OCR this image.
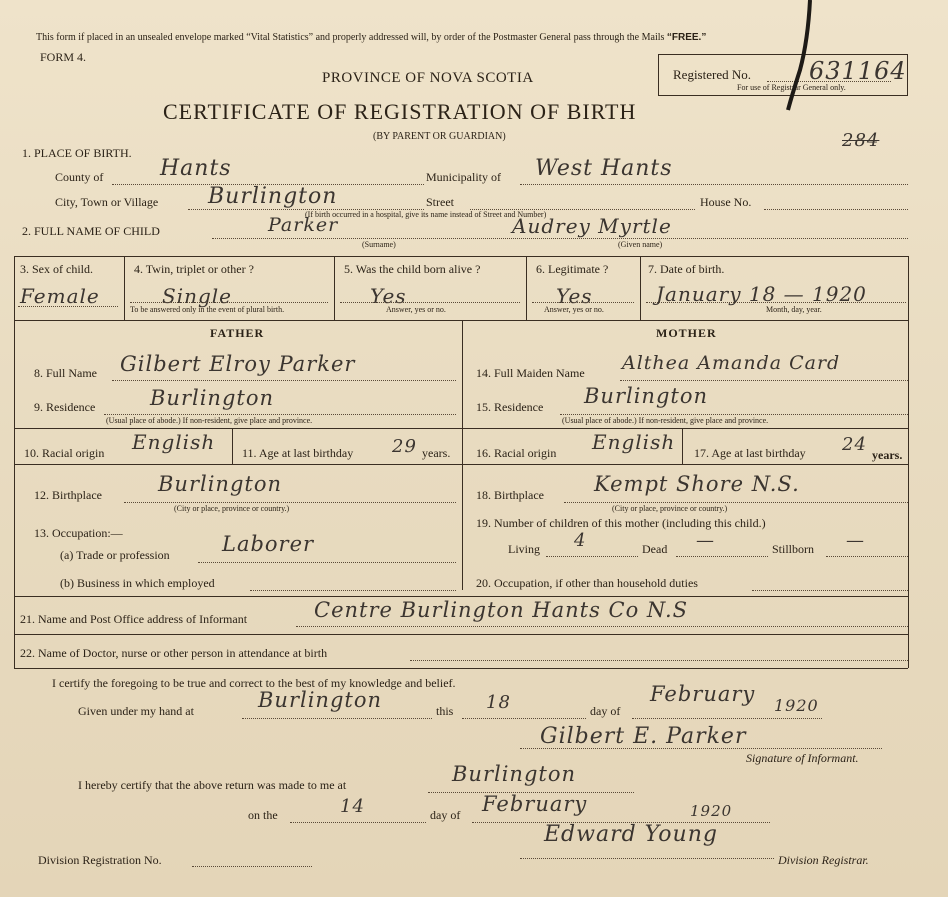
This form if placed in an unsealed envelope marked “Vital Statistics” and properly addressed will, by order of the Postmaster General pass through the Mails “FREE.”
FORM 4.
PROVINCE OF NOVA SCOTIA
CERTIFICATE OF REGISTRATION OF BIRTH
(BY PARENT OR GUARDIAN)
Registered No. 631164
For use of Registrar General only.
284
1. PLACE OF BIRTH.
County of	Hants	Municipality of West Hants
City, Town or Village Burlington	Street	House No.
(If birth occurred in a hospital, give its name instead of Street and Number)
2. FULL NAME OF CHILD	Parker	Audrey Myrtle
(Surname)	(Given name)
3. Sex of child.
Female
4. Twin, triplet or other ?
Single
To be answered only in the event of plural birth.
5. Was the child born alive ?
Yes
Answer, yes or no.
6. Legitimate ?
Yes
Answer, yes or no.
7. Date of birth.
January 18 — 1920
Month, day, year.
FATHER	MOTHER
8. Full Name Gilbert Elroy Parker
9. Residence	Burlington
(Usual place of abode.) If non-resident, give place and province.
10. Racial origin English 11. Age at last birthday 29 years.
12. Birthplace	Burlington
(City or place, province or country.)
13. Occupation:—
(a) Trade or profession Laborer
(b) Business in which employed
14. Full Maiden Name Althea Amanda Card
15. Residence Burlington
(Usual place of abode.) If non-resident, give place and province.
16. Racial origin English 17. Age at last birthday 24 years.
18. Birthplace Kempt Shore N.S.
(City or place, province or country.)
19. Number of children of this mother (including this child.)
Living 4	Dead —	Stillborn —
20. Occupation, if other than household duties
21. Name and Post Office address of Informant	Centre Burlington Hants Co N.S
22. Name of Doctor, nurse or other person in attendance at birth
I certify the foregoing to be true and correct to the best of my knowledge and belief.
Given under my hand at	Burlington	this 18	day of
February 1920
Gilbert E. Parker
Signature of Informant.
I hereby certify that the above return was made to me at	Burlington
on the	14	day of February	1920
Edward Young
Division Registration No.	Division Registrar.
